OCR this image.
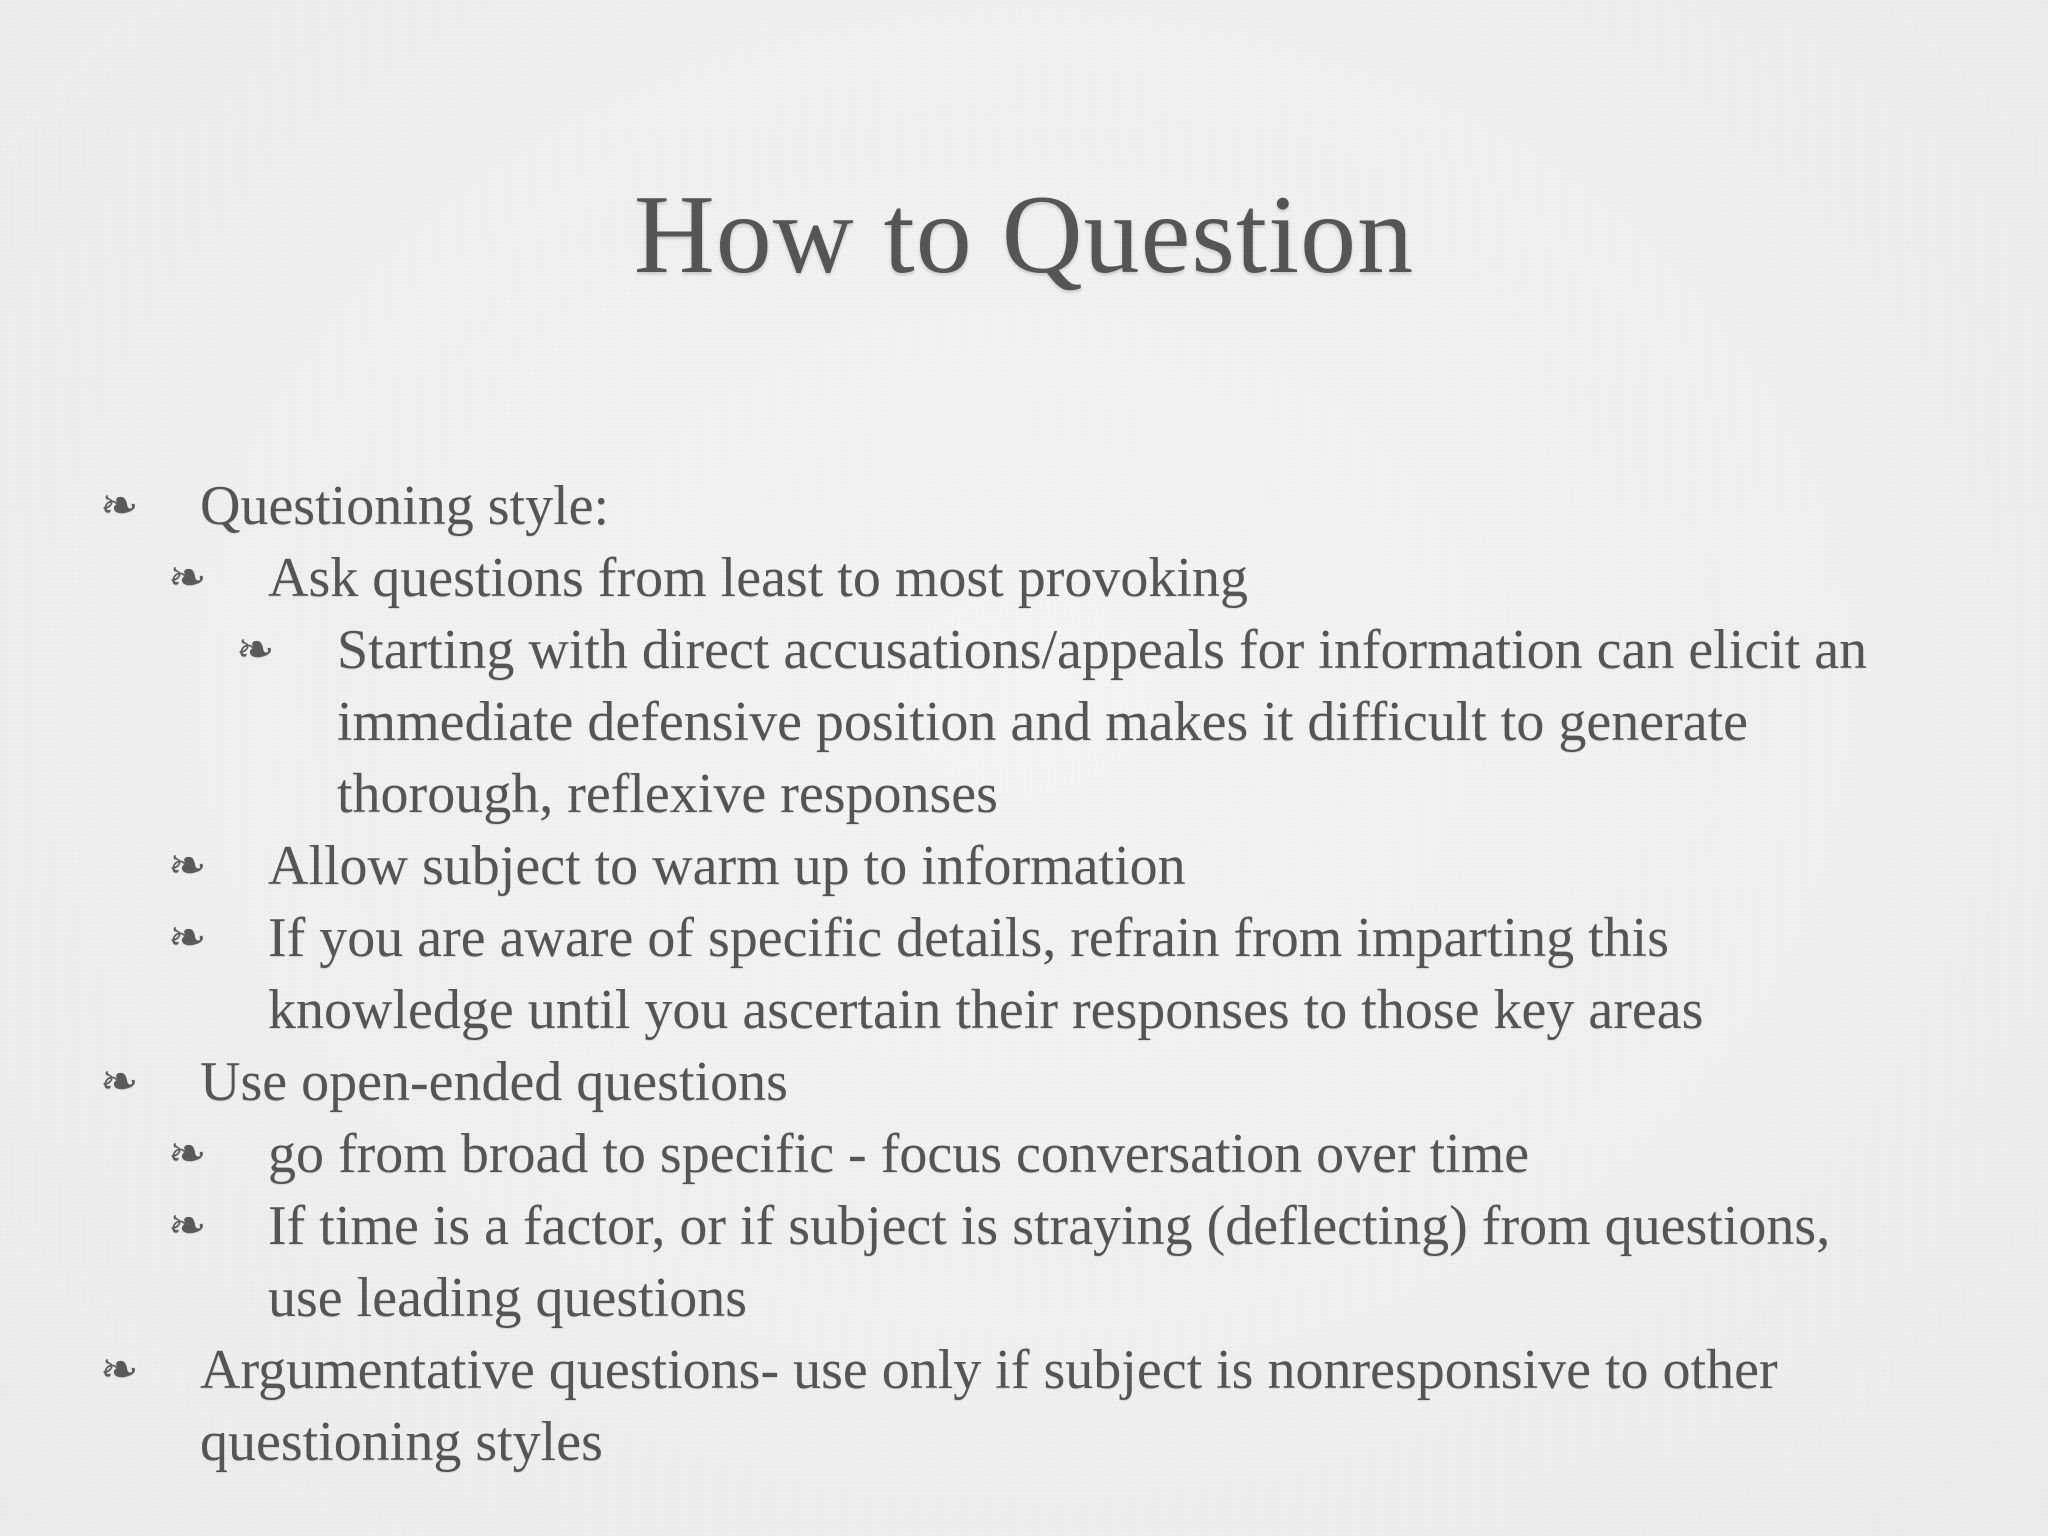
How to Question
❧ Questioning style:
❧ Ask questions from least to most provoking
❧ Starting with direct accusations/appeals for information can elicit an immediate defensive position and makes it difficult to generate thorough, reflexive responses
❧ Allow subject to warm up to information
❧ If you are aware of specific details, refrain from imparting this knowledge until you ascertain their responses to those key areas
❧ Use open-ended questions
❧ go from broad to specific - focus conversation over time
❧ If time is a factor, or if subject is straying (deflecting) from questions, use leading questions
❧ Argumentative questions- use only if subject is nonresponsive to other questioning styles
